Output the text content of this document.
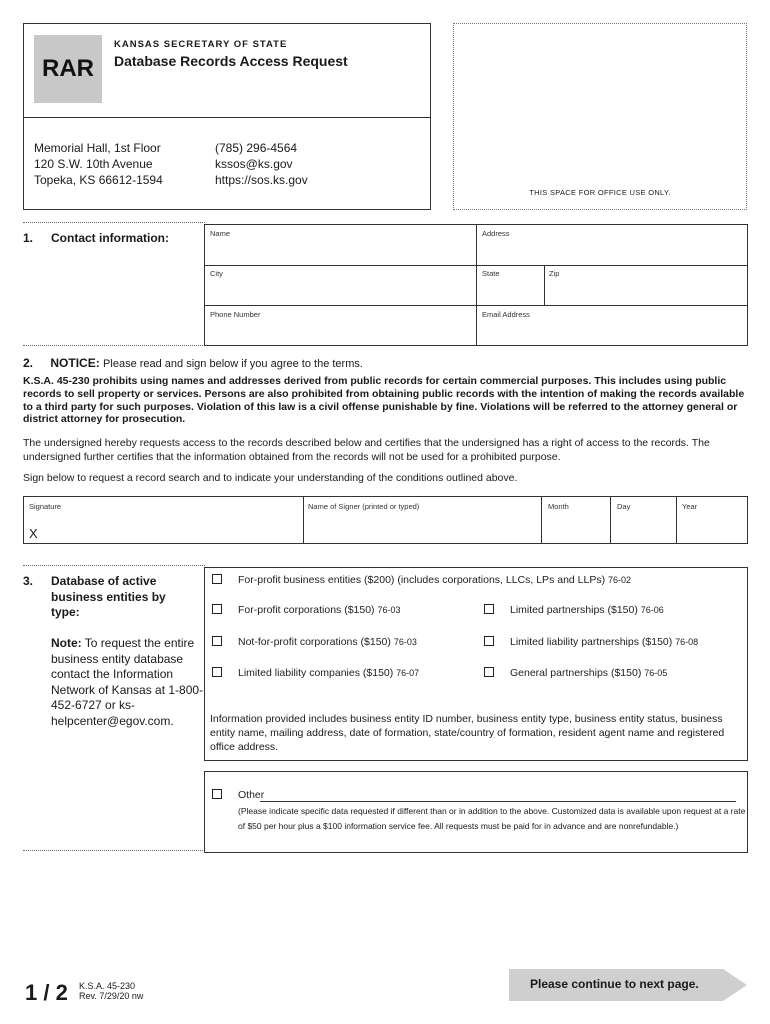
RAR
KANSAS SECRETARY OF STATE
Database Records Access Request
Memorial Hall, 1st Floor
120 S.W. 10th Avenue
Topeka, KS 66612-1594
(785) 296-4564
kssos@ks.gov
https://sos.ks.gov
THIS SPACE FOR OFFICE USE ONLY.
1. Contact information:	Name	Address
City	State	Zip
Phone Number	Email Address
2. NOTICE: Please read and sign below if you agree to the terms.
K.S.A. 45-230 prohibits using names and addresses derived from public records for certain commercial purposes. This includes using public records to sell property or services. Persons are also prohibited from obtaining public records with the intention of making the records available to a third party for such purposes. Violation of this law is a civil offense punishable by fine. Violations will be referred to the attorney general or district attorney for prosecution.
The undersigned hereby requests access to the records described below and certifies that the undersigned has a right of access to the records. The undersigned further certifies that the information obtained from the records will not be used for a prohibited purpose.
Sign below to request a record search and to indicate your understanding of the conditions outlined above.
Signature
X
Name of Signer (printed or typed)	Month	Day	Year
3. Database of active business entities by type:
Note: To request the entire business entity database contact the Information Network of Kansas at 1-800-452-6727 or ks-helpcenter@egov.com.
For-profit business entities ($200) (includes corporations, LLCs, LPs and LLPs) 76-02
For-profit corporations ($150) 76-03	Limited partnerships ($150) 76-06
Not-for-profit corporations ($150) 76-03	Limited liability partnerships ($150) 76-08
Limited liability companies ($150) 76-07	General partnerships ($150) 76-05
Information provided includes business entity ID number, business entity type, business entity status, business entity name, mailing address, date of formation, state/country of formation, resident agent name and registered office address.
Other
(Please indicate specific data requested if different than or in addition to the above. Customized data is available upon request at a rate of $50 per hour plus a $100 information service fee. All requests must be paid for in advance and are nonrefundable.)
1 / 2 K.S.A. 45-230
Rev. 7/29/20 nw
Please continue to next page.
